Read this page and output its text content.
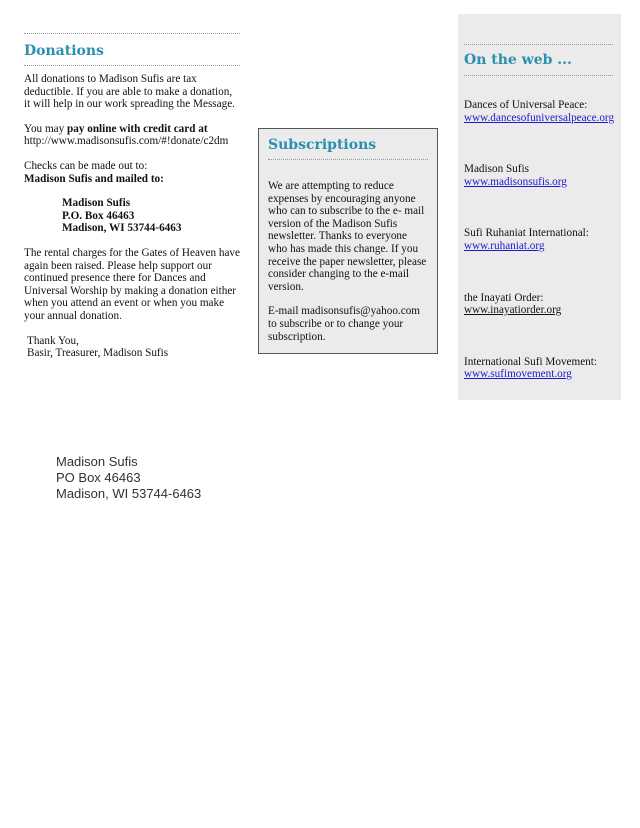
Donations

All donations to Madison Sufis are tax deductible. If you are able to make a donation, it will help in our work spreading the Message.

You may pay online with credit card at

http://www.madisonsufis.com/#!donate/c2dm

Checks can be made out to:

Madison Sufis and mailed to:

Madison Sufis

P.O. Box 46463

Madison, WI 53744-6463

The rental charges for the Gates of Heaven have again been raised. Please help support our continued presence there for Dances and Universal Worship by making a donation either when you attend an event or when you make your annual donation.

Thank You,

Basir, Treasurer, Madison Sufis

Subscriptions

We are attempting to reduce expenses by encouraging anyone who can to subscribe to the e- mail version of the Madison Sufis newsletter. Thanks to everyone who has made this change. If you receive the paper newsletter, please consider changing to the e-mail version.

E-mail madisonsufis@yahoo.com to subscribe or to change your subscription.

On the web ...

Dances of Universal Peace:

www.dancesofuniversalpeace.org

Madison Sufis

www.madisonsufis.org

Sufi Ruhaniat International:

www.ruhaniat.org

the Inayati Order:

www.inayatiorder.org

International Sufi Movement:

www.sufimovement.org

Madison Sufis
PO Box 46463
Madison, WI 53744-6463
